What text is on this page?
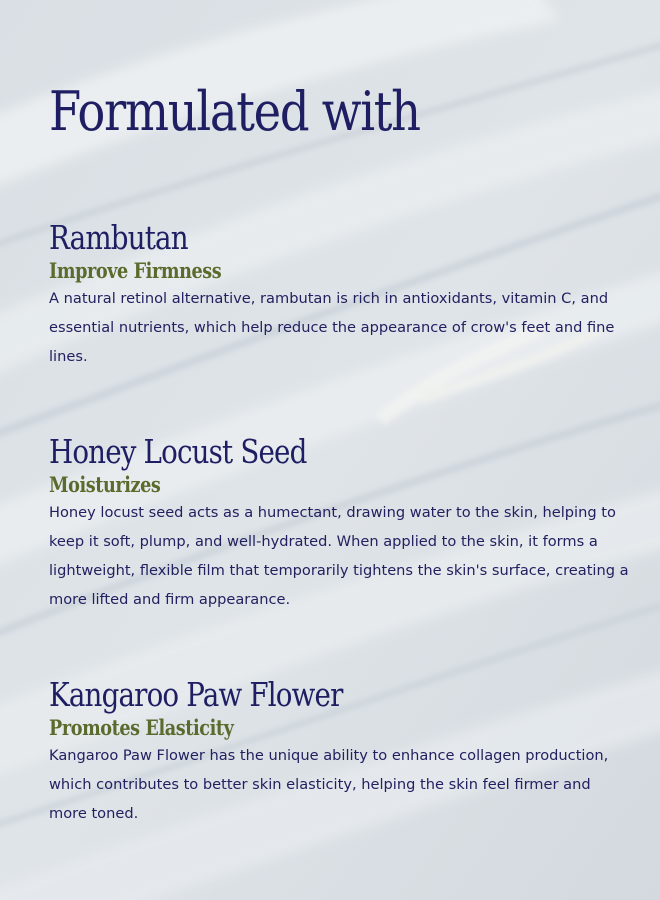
Formulated with
Rambutan
Improve Firmness

A natural retinol alternative, rambutan is rich in antioxidants, vitamin C, and essential nutrients, which help reduce the appearance of crow's feet and fine lines.

Honey Locust Seed
Moisturizes

Honey locust seed acts as a humectant, drawing water to the skin, helping to keep it soft, plump, and well-hydrated. When applied to the skin, it forms a lightweight, flexible film that temporarily tightens the skin's surface, creating a more lifted and firm appearance.

Kangaroo Paw Flower
Promotes Elasticity

Kangaroo Paw Flower has the unique ability to enhance collagen production, which contributes to better skin elasticity, helping the skin feel firmer and more toned.
